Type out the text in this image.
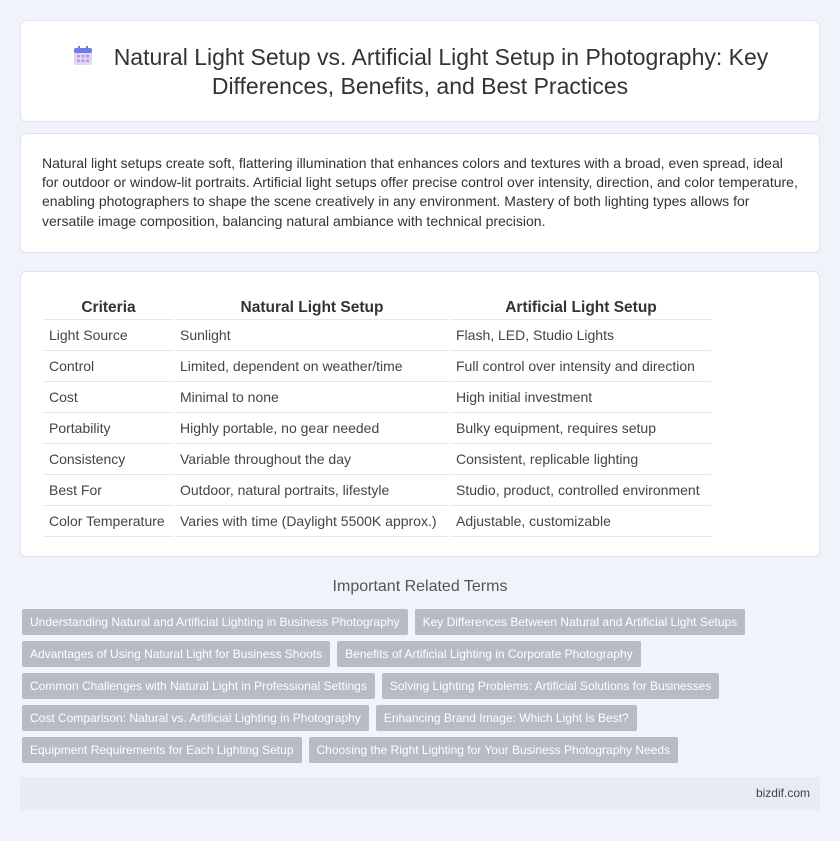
Natural Light Setup vs. Artificial Light Setup in Photography: Key Differences, Benefits, and Best Practices

Natural light setups create soft, flattering illumination that enhances colors and textures with a broad, even spread, ideal for outdoor or window-lit portraits. Artificial light setups offer precise control over intensity, direction, and color temperature, enabling photographers to shape the scene creatively in any environment. Mastery of both lighting types allows for versatile image composition, balancing natural ambiance with technical precision.

Criteria	Natural Light Setup	Artificial Light Setup
Light Source	Sunlight	Flash, LED, Studio Lights
Control	Limited, dependent on weather/time	Full control over intensity and direction
Cost	Minimal to none	High initial investment
Portability	Highly portable, no gear needed	Bulky equipment, requires setup
Consistency	Variable throughout the day	Consistent, replicable lighting
Best For	Outdoor, natural portraits, lifestyle	Studio, product, controlled environment
Color Temperature	Varies with time (Daylight 5500K approx.)	Adjustable, customizable
Important Related Terms
Understanding Natural and Artificial Lighting in Business Photography	Key Differences Between Natural and Artificial Light Setups
Advantages of Using Natural Light for Business Shoots	Benefits of Artificial Lighting in Corporate Photography
Common Challenges with Natural Light in Professional Settings	Solving Lighting Problems: Artificial Solutions for Businesses
Cost Comparison: Natural vs. Artificial Lighting in Photography	Enhancing Brand Image: Which Light Is Best?
Equipment Requirements for Each Lighting Setup	Choosing the Right Lighting for Your Business Photography Needs
bizdif.com
